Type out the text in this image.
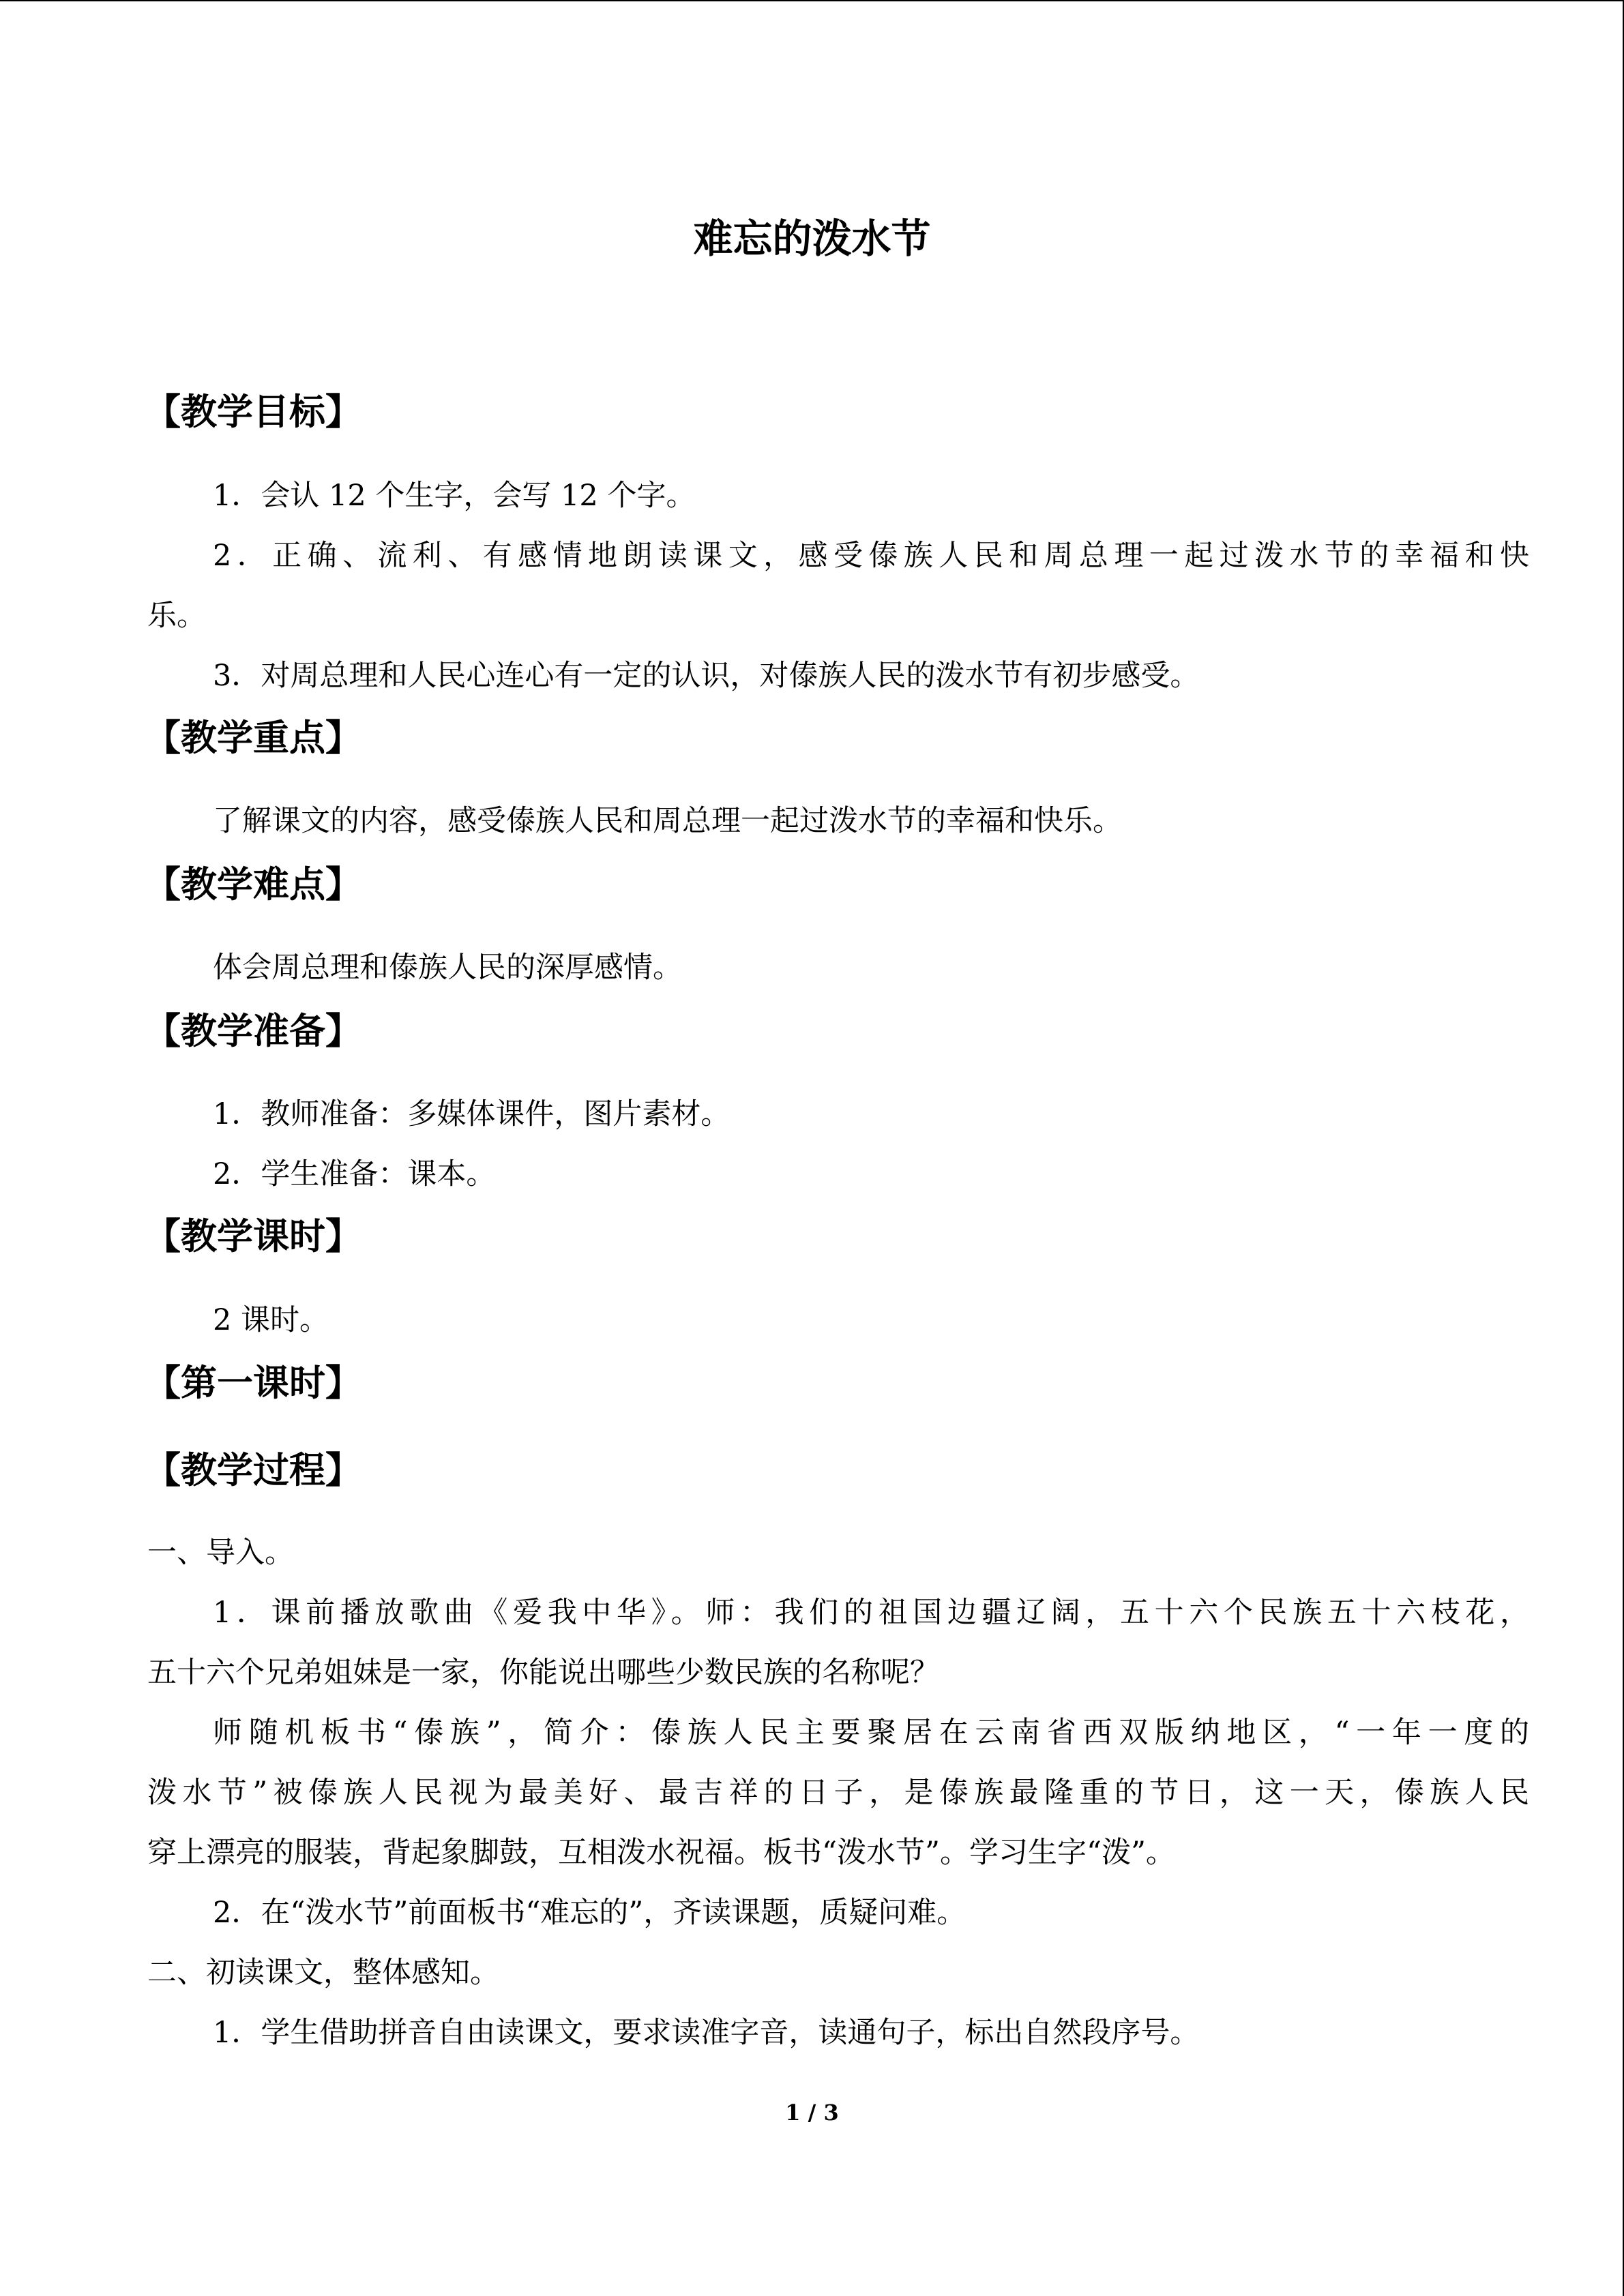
难忘的泼水节
【教学目标】
1．会认 12 个生字，会写 12 个字。
2．正确、流利、有感情地朗读课文，感受傣族人民和周总理一起过泼水节的幸福和快
乐。
3．对周总理和人民心连心有一定的认识，对傣族人民的泼水节有初步感受。
【教学重点】
了解课文的内容，感受傣族人民和周总理一起过泼水节的幸福和快乐。
【教学难点】
体会周总理和傣族人民的深厚感情。
【教学准备】
1．教师准备：多媒体课件，图片素材。
2．学生准备：课本。
【教学课时】
2 课时。
【第一课时】
【教学过程】
一、导入。
1．课前播放歌曲《爱我中华》。师：我们的祖国边疆辽阔，五十六个民族五十六枝花，
五十六个兄弟姐妹是一家，你能说出哪些少数民族的名称呢？
师随机板书“傣族”，简介：傣族人民主要聚居在云南省西双版纳地区，“一年一度的
泼水节”被傣族人民视为最美好、最吉祥的日子，是傣族最隆重的节日，这一天，傣族人民
穿上漂亮的服装，背起象脚鼓，互相泼水祝福。板书“泼水节”。学习生字“泼”。
2．在“泼水节”前面板书“难忘的”，齐读课题，质疑问难。
二、初读课文，整体感知。
1．学生借助拼音自由读课文，要求读准字音，读通句子，标出自然段序号。
1 / 3
